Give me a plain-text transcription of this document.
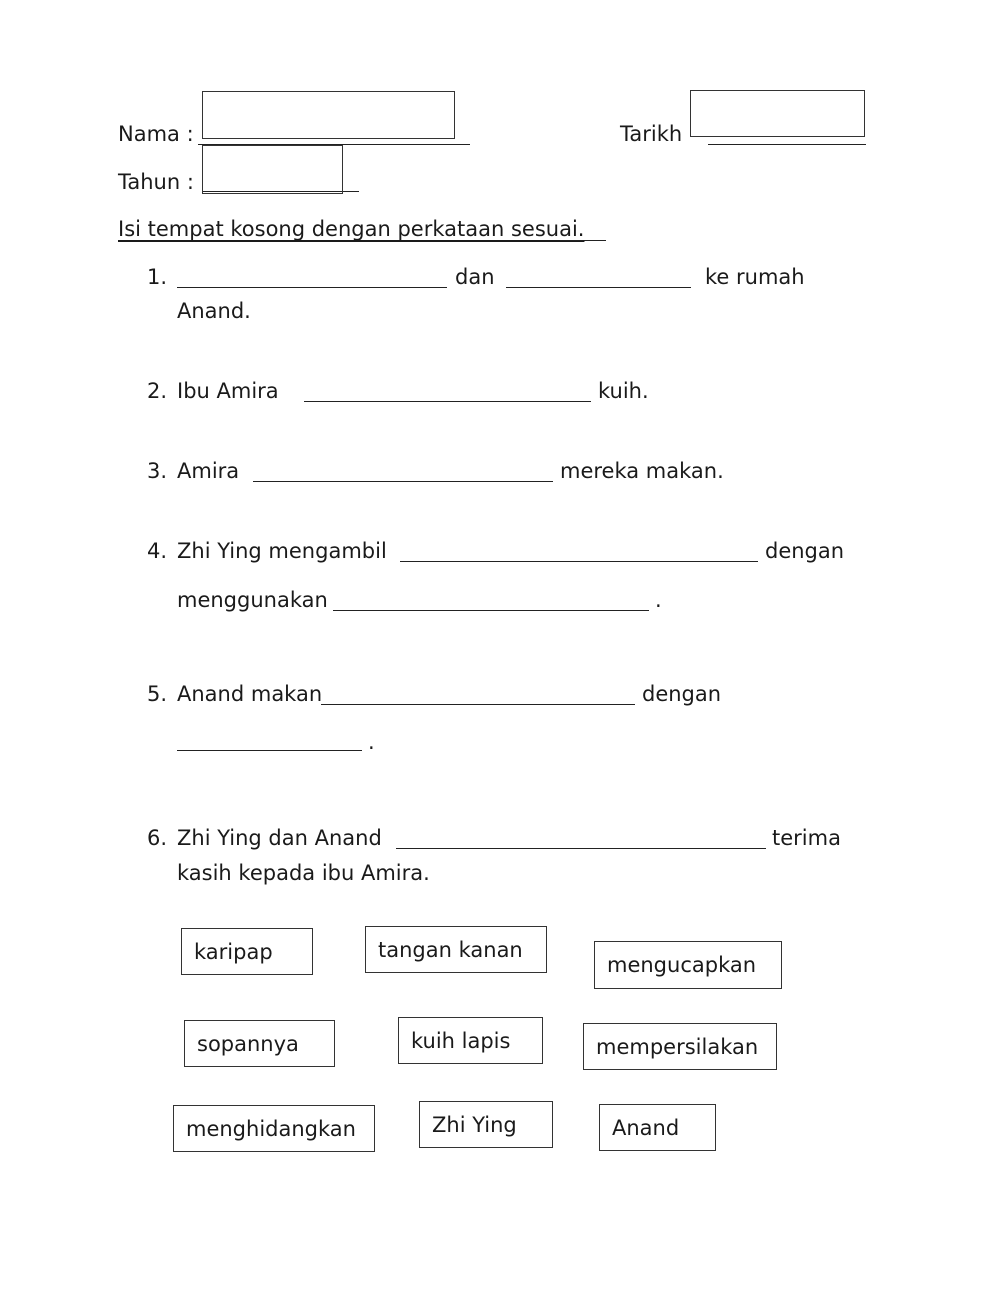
Nama :	Tarikh
Tahun :
Isi tempat kosong dengan perkataan sesuai.
1.	dan	ke rumah
Anand.
2. Ibu Amira	kuih.
3. Amira	mereka makan.
4. Zhi Ying mengambil	dengan
menggunakan	.
5. Anand makan	dengan
.
6. Zhi Ying dan Anand	terima
kasih kepada ibu Amira.
karipap	tangan kanan
mengucapkan
sopannya	kuih lapis	mempersilakan
menghidangkan	Zhi Ying	Anand
